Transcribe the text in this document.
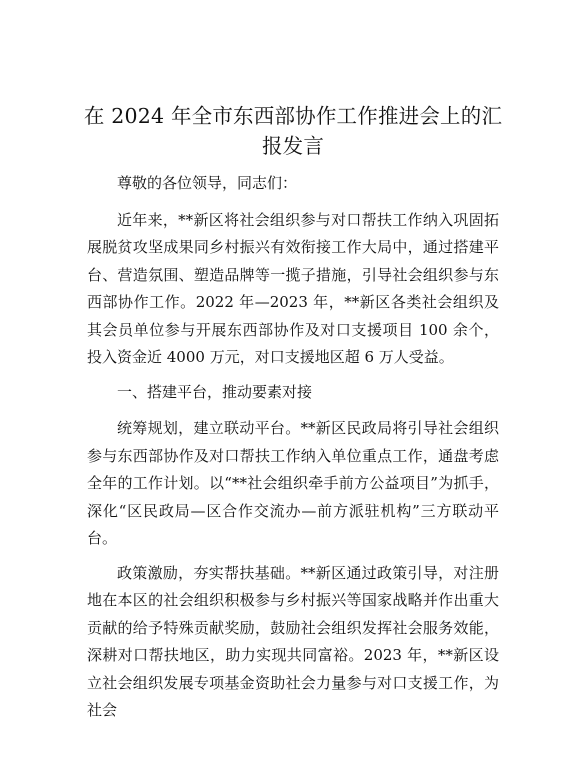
在 2024 年全市东西部协作工作推进会上的汇报发言

尊敬的各位领导，同志们：

近年来，**新区将社会组织参与对口帮扶工作纳入巩固拓展脱贫攻坚成果同乡村振兴有效衔接工作大局中，通过搭建平台、营造氛围、塑造品牌等一揽子措施，引导社会组织参与东西部协作工作。2022 年—2023 年，**新区各类社会组织及其会员单位参与开展东西部协作及对口支援项目 100 余个，投入资金近 4000 万元，对口支援地区超 6 万人受益。

一、搭建平台，推动要素对接

统筹规划，建立联动平台。**新区民政局将引导社会组织参与东西部协作及对口帮扶工作纳入单位重点工作，通盘考虑全年的工作计划。以“**社会组织牵手前方公益项目”为抓手，深化“区民政局—区合作交流办—前方派驻机构”三方联动平台。

政策激励，夯实帮扶基础。**新区通过政策引导，对注册地在本区的社会组织积极参与乡村振兴等国家战略并作出重大贡献的给予特殊贡献奖励，鼓励社会组织发挥社会服务效能，深耕对口帮扶地区，助力实现共同富裕。2023 年，**新区设立社会组织发展专项基金资助社会力量参与对口支援工作，为社会
